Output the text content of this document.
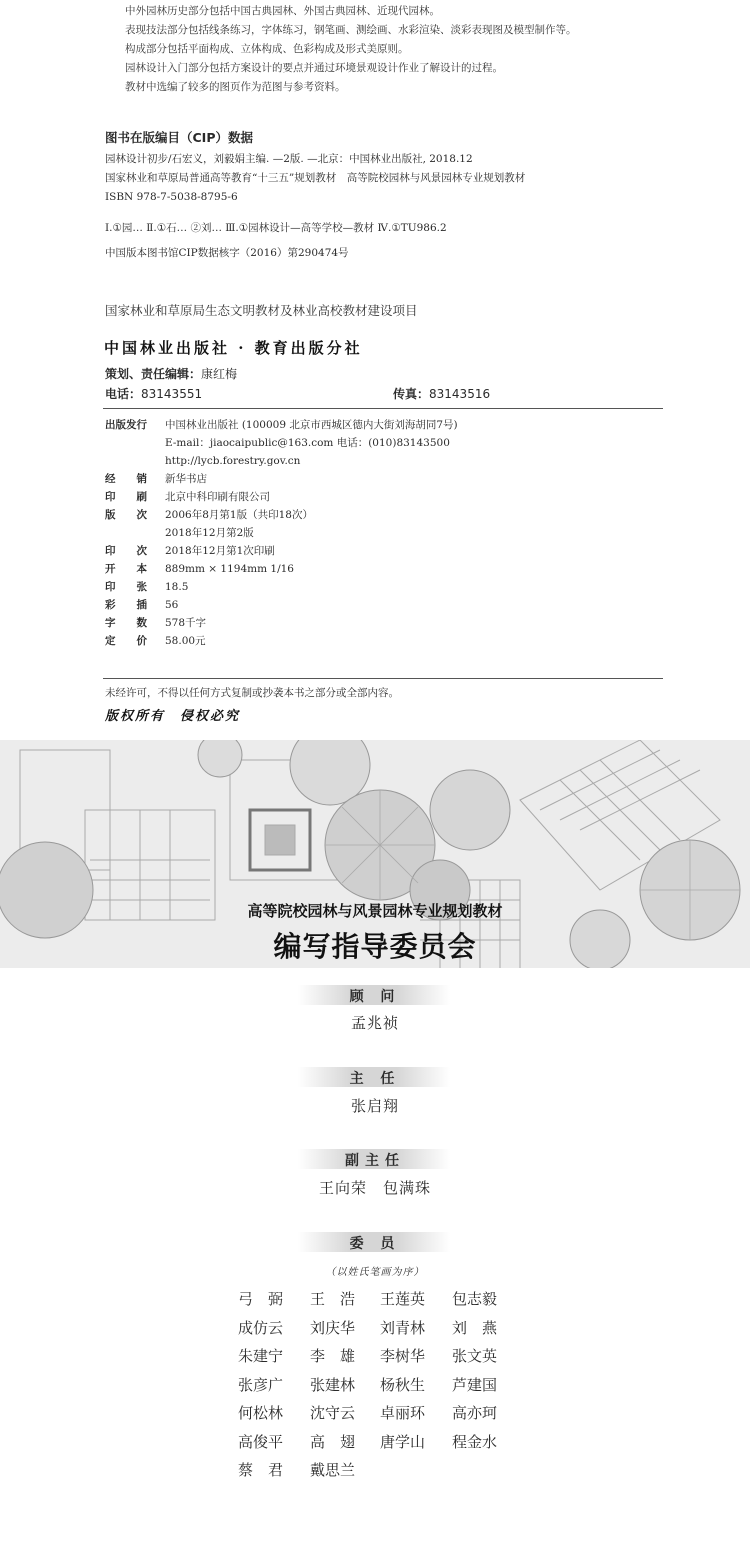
中外园林历史部分包括中国古典园林、外国古典园林、近现代园林。
表现技法部分包括线条练习，字体练习，钢笔画、测绘画、水彩渲染、淡彩表现图及模型制作等。
构成部分包括平面构成、立体构成、色彩构成及形式美原则。
园林设计入门部分包括方案设计的要点并通过环境景观设计作业了解设计的过程。
教材中选编了较多的图页作为范图与参考资料。
图书在版编目（CIP）数据
园林设计初步/石宏义，刘毅娟主编. —2版. —北京：中国林业出版社, 2018.12
国家林业和草原局普通高等教育“十三五”规划教材　高等院校园林与风景园林专业规划教材
ISBN 978-7-5038-8795-6
Ⅰ.①园… Ⅱ.①石… ②刘… Ⅲ.①园林设计—高等学校—教材 Ⅳ.①TU986.2
中国版本图书馆CIP数据核字（2016）第290474号
国家林业和草原局生态文明教材及林业高校教材建设项目
中国林业出版社 · 教育出版分社
策划、责任编辑：康红梅
电话：83143551	传真：83143516
出版发行	中国林业出版社 (100009 北京市西城区德内大街刘海胡同7号)
E-mail：jiaocaipublic@163.com 电话：(010)83143500
http://lycb.forestry.gov.cn
经　　销	新华书店
印　　刷	北京中科印刷有限公司
版　　次	2006年8月第1版（共印18次）
2018年12月第2版
印　　次	2018年12月第1次印刷
开　　本	889mm × 1194mm 1/16
印　　张	18.5
彩　　插	56
字　　数	578千字
定　　价	58.00元
未经许可，不得以任何方式复制或抄袭本书之部分或全部内容。
版权所有　侵权必究
高等院校园林与风景园林专业规划教材
编写指导委员会
顾 问
孟兆祯
主 任
张启翔
副主任
王向荣　包满珠
委 员
（以姓氏笔画为序）
弓　弼 王　浩 王莲英 包志毅
成仿云 刘庆华 刘青林 刘　燕
朱建宁 李　雄 李树华 张文英
张彦广 张建林 杨秋生 芦建国
何松林 沈守云 卓丽环 高亦珂
高俊平 高　翅 唐学山 程金水
蔡　君 戴思兰
